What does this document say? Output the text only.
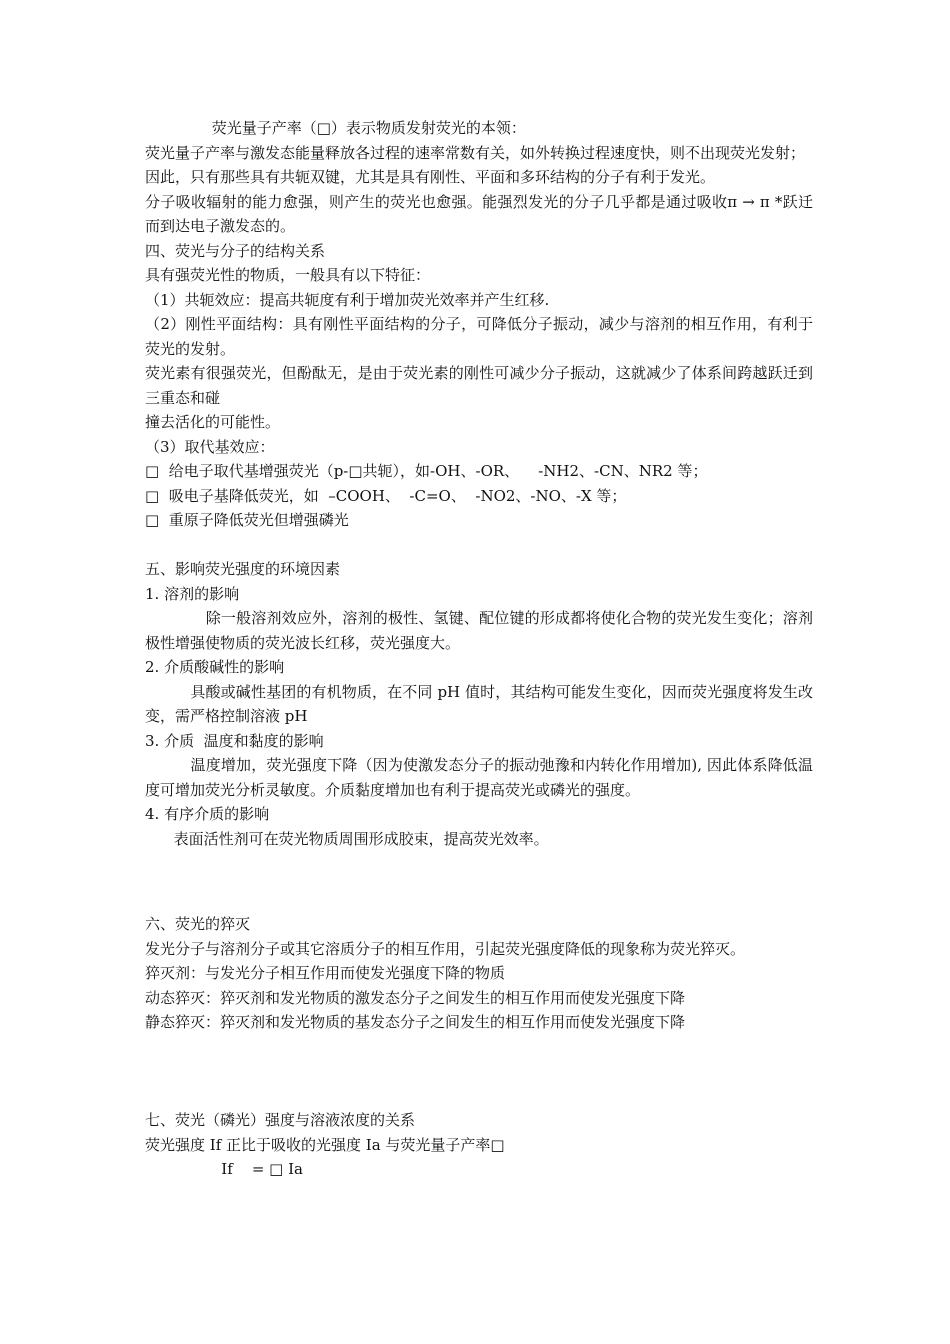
荧光量子产率（□）表示物质发射荧光的本领：

荧光量子产率与激发态能量释放各过程的速率常数有关，如外转换过程速度快，则不出现荧光发射；

因此，只有那些具有共轭双键，尤其是具有刚性、平面和多环结构的分子有利于发光。

分子吸收辐射的能力愈强，则产生的荧光也愈强。能强烈发光的分子几乎都是通过吸收π → π *跃迁而到达电子激发态的。

四、荧光与分子的结构关系

具有强荧光性的物质，一般具有以下特征：

（1）共轭效应：提高共轭度有利于增加荧光效率并产生红移.

（2）刚性平面结构：具有刚性平面结构的分子，可降低分子振动，减少与溶剂的相互作用，有利于荧光的发射。

荧光素有很强荧光，但酚酞无，是由于荧光素的刚性可减少分子振动，这就减少了体系间跨越跃迁到三重态和碰

撞去活化的可能性。

（3）取代基效应：

□  给电子取代基增强荧光（p-□共轭），如-OH、-OR、    -NH2、-CN、NR2 等；

□  吸电子基降低荧光，如  –COOH、  -C=O、  -NO2、-NO、-X 等；

□  重原子降低荧光但增强磷光

五、影响荧光强度的环境因素

1. 溶剂的影响

　　　　除一般溶剂效应外，溶剂的极性、氢键、配位键的形成都将使化合物的荧光发生变化；溶剂极性增强使物质的荧光波长红移，荧光强度大。

2. 介质酸碱性的影响

　　　具酸或碱性基团的有机物质，在不同 pH 值时，其结构可能发生变化，因而荧光强度将发生改变，需严格控制溶液 pH

3. 介质  温度和黏度的影响

　　　温度增加，荧光强度下降（因为使激发态分子的振动弛豫和内转化作用增加), 因此体系降低温度可增加荧光分析灵敏度。介质黏度增加也有利于提高荧光或磷光的强度。

4. 有序介质的影响

表面活性剂可在荧光物质周围形成胶束，提高荧光效率。

六、荧光的猝灭

发光分子与溶剂分子或其它溶质分子的相互作用，引起荧光强度降低的现象称为荧光猝灭。

猝灭剂：与发光分子相互作用而使发光强度下降的物质

动态猝灭：猝灭剂和发光物质的激发态分子之间发生的相互作用而使发光强度下降

静态猝灭：猝灭剂和发光物质的基发态分子之间发生的相互作用而使发光强度下降

七、荧光（磷光）强度与溶液浓度的关系

荧光强度 If 正比于吸收的光强度 Ia 与荧光量子产率□

If    = □ Ia
